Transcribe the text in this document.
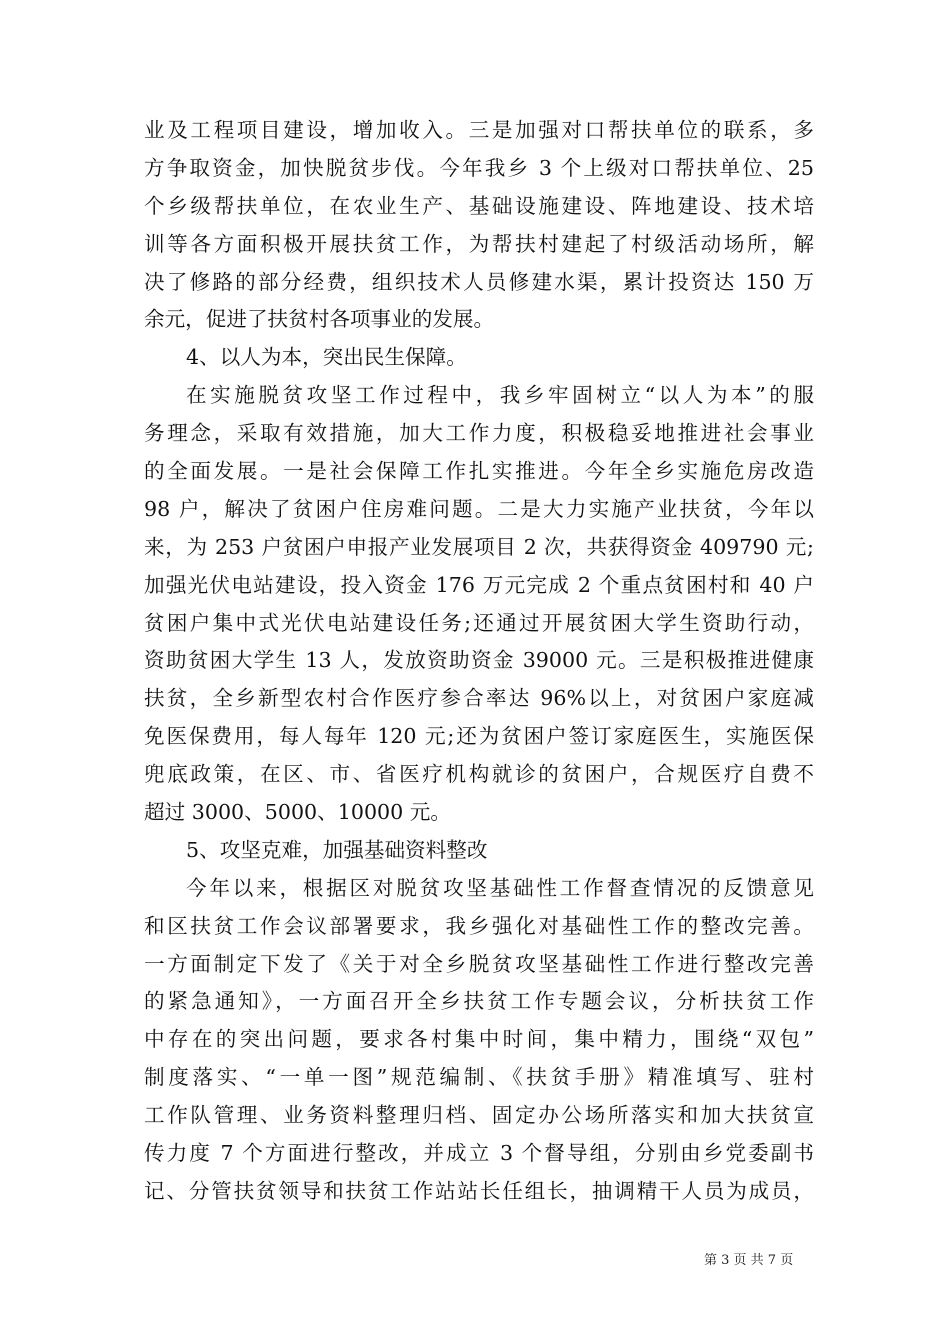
业及工程项目建设，增加收入。三是加强对口帮扶单位的联系，多
方争取资金，加快脱贫步伐。今年我乡 3 个上级对口帮扶单位、25
个乡级帮扶单位，在农业生产、基础设施建设、阵地建设、技术培
训等各方面积极开展扶贫工作，为帮扶村建起了村级活动场所，解
决了修路的部分经费，组织技术人员修建水渠，累计投资达 150 万
余元，促进了扶贫村各项事业的发展。
4、以人为本，突出民生保障。
在实施脱贫攻坚工作过程中，我乡牢固树立“以人为本”的服
务理念，采取有效措施，加大工作力度，积极稳妥地推进社会事业
的全面发展。一是社会保障工作扎实推进。今年全乡实施危房改造
98 户，解决了贫困户住房难问题。二是大力实施产业扶贫，今年以
来，为 253 户贫困户申报产业发展项目 2 次，共获得资金 409790 元;
加强光伏电站建设，投入资金 176 万元完成 2 个重点贫困村和 40 户
贫困户集中式光伏电站建设任务;还通过开展贫困大学生资助行动，
资助贫困大学生 13 人，发放资助资金 39000 元。三是积极推进健康
扶贫，全乡新型农村合作医疗参合率达 96%以上，对贫困户家庭减
免医保费用，每人每年 120 元;还为贫困户签订家庭医生，实施医保
兜底政策，在区、市、省医疗机构就诊的贫困户，合规医疗自费不
超过 3000、5000、10000 元。
5、攻坚克难，加强基础资料整改
今年以来，根据区对脱贫攻坚基础性工作督查情况的反馈意见
和区扶贫工作会议部署要求，我乡强化对基础性工作的整改完善。
一方面制定下发了《关于对全乡脱贫攻坚基础性工作进行整改完善
的紧急通知》，一方面召开全乡扶贫工作专题会议，分析扶贫工作
中存在的突出问题，要求各村集中时间，集中精力，围绕“双包”
制度落实、“一单一图”规范编制、《扶贫手册》精准填写、驻村
工作队管理、业务资料整理归档、固定办公场所落实和加大扶贫宣
传力度 7 个方面进行整改，并成立 3 个督导组，分别由乡党委副书
记、分管扶贫领导和扶贫工作站站长任组长，抽调精干人员为成员，
第 3 页 共 7 页
